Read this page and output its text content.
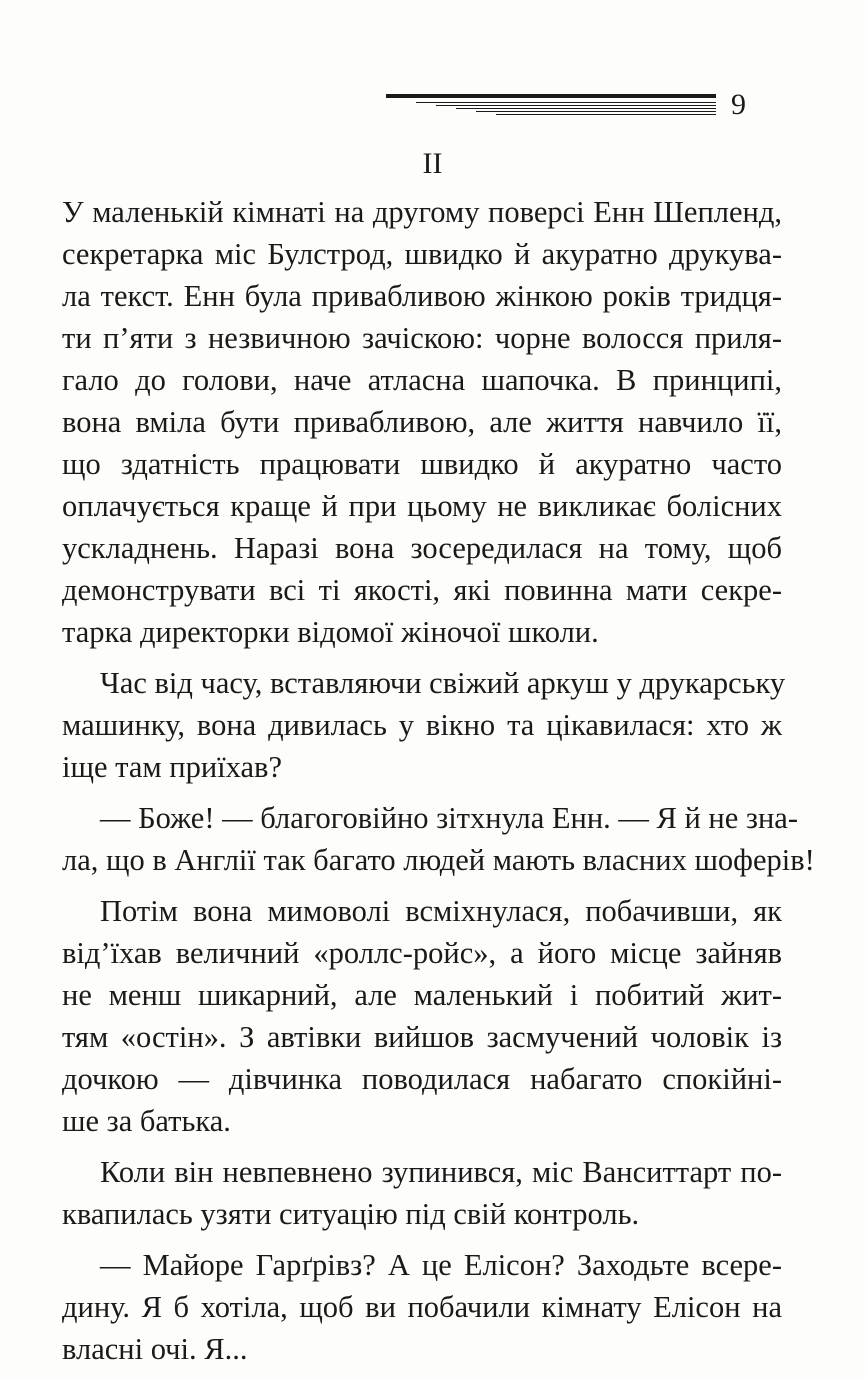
9
II
У маленькій кімнаті на другому поверсі Енн Шепленд,
секретарка міс Булстрод, швидко й акуратно друкува-
ла текст. Енн була привабливою жінкою років тридця-
ти п’яти з незвичною зачіскою: чорне волосся приля-
гало до голови, наче атласна шапочка. В принципі,
вона вміла бути привабливою, але життя навчило її,
що здатність працювати швидко й акуратно часто
оплачується краще й при цьому не викликає болісних
ускладнень. Наразі вона зосередилася на тому, щоб
демонструвати всі ті якості, які повинна мати секре-
тарка директорки відомої жіночої школи.
Час від часу, вставляючи свіжий аркуш у друкарську
машинку, вона дивилась у вікно та цікавилася: хто ж
іще там приїхав?
— Боже! — благоговійно зітхнула Енн. — Я й не зна-
ла, що в Англії так багато людей мають власних шоферів!
Потім вона мимоволі всміхнулася, побачивши, як
від’їхав величний «роллс-ройс», а його місце зайняв
не менш шикарний, але маленький і побитий жит-
тям «остін». З автівки вийшов засмучений чоловік із
дочкою — дівчинка поводилася набагато спокійні-
ше за батька.
Коли він невпевнено зупинився, міс Ванситтарт по-
квапилась узяти ситуацію під свій контроль.
— Майоре Гарґрівз? А це Елісон? Заходьте всере-
дину. Я б хотіла, щоб ви побачили кімнату Елісон на
власні очі. Я...
